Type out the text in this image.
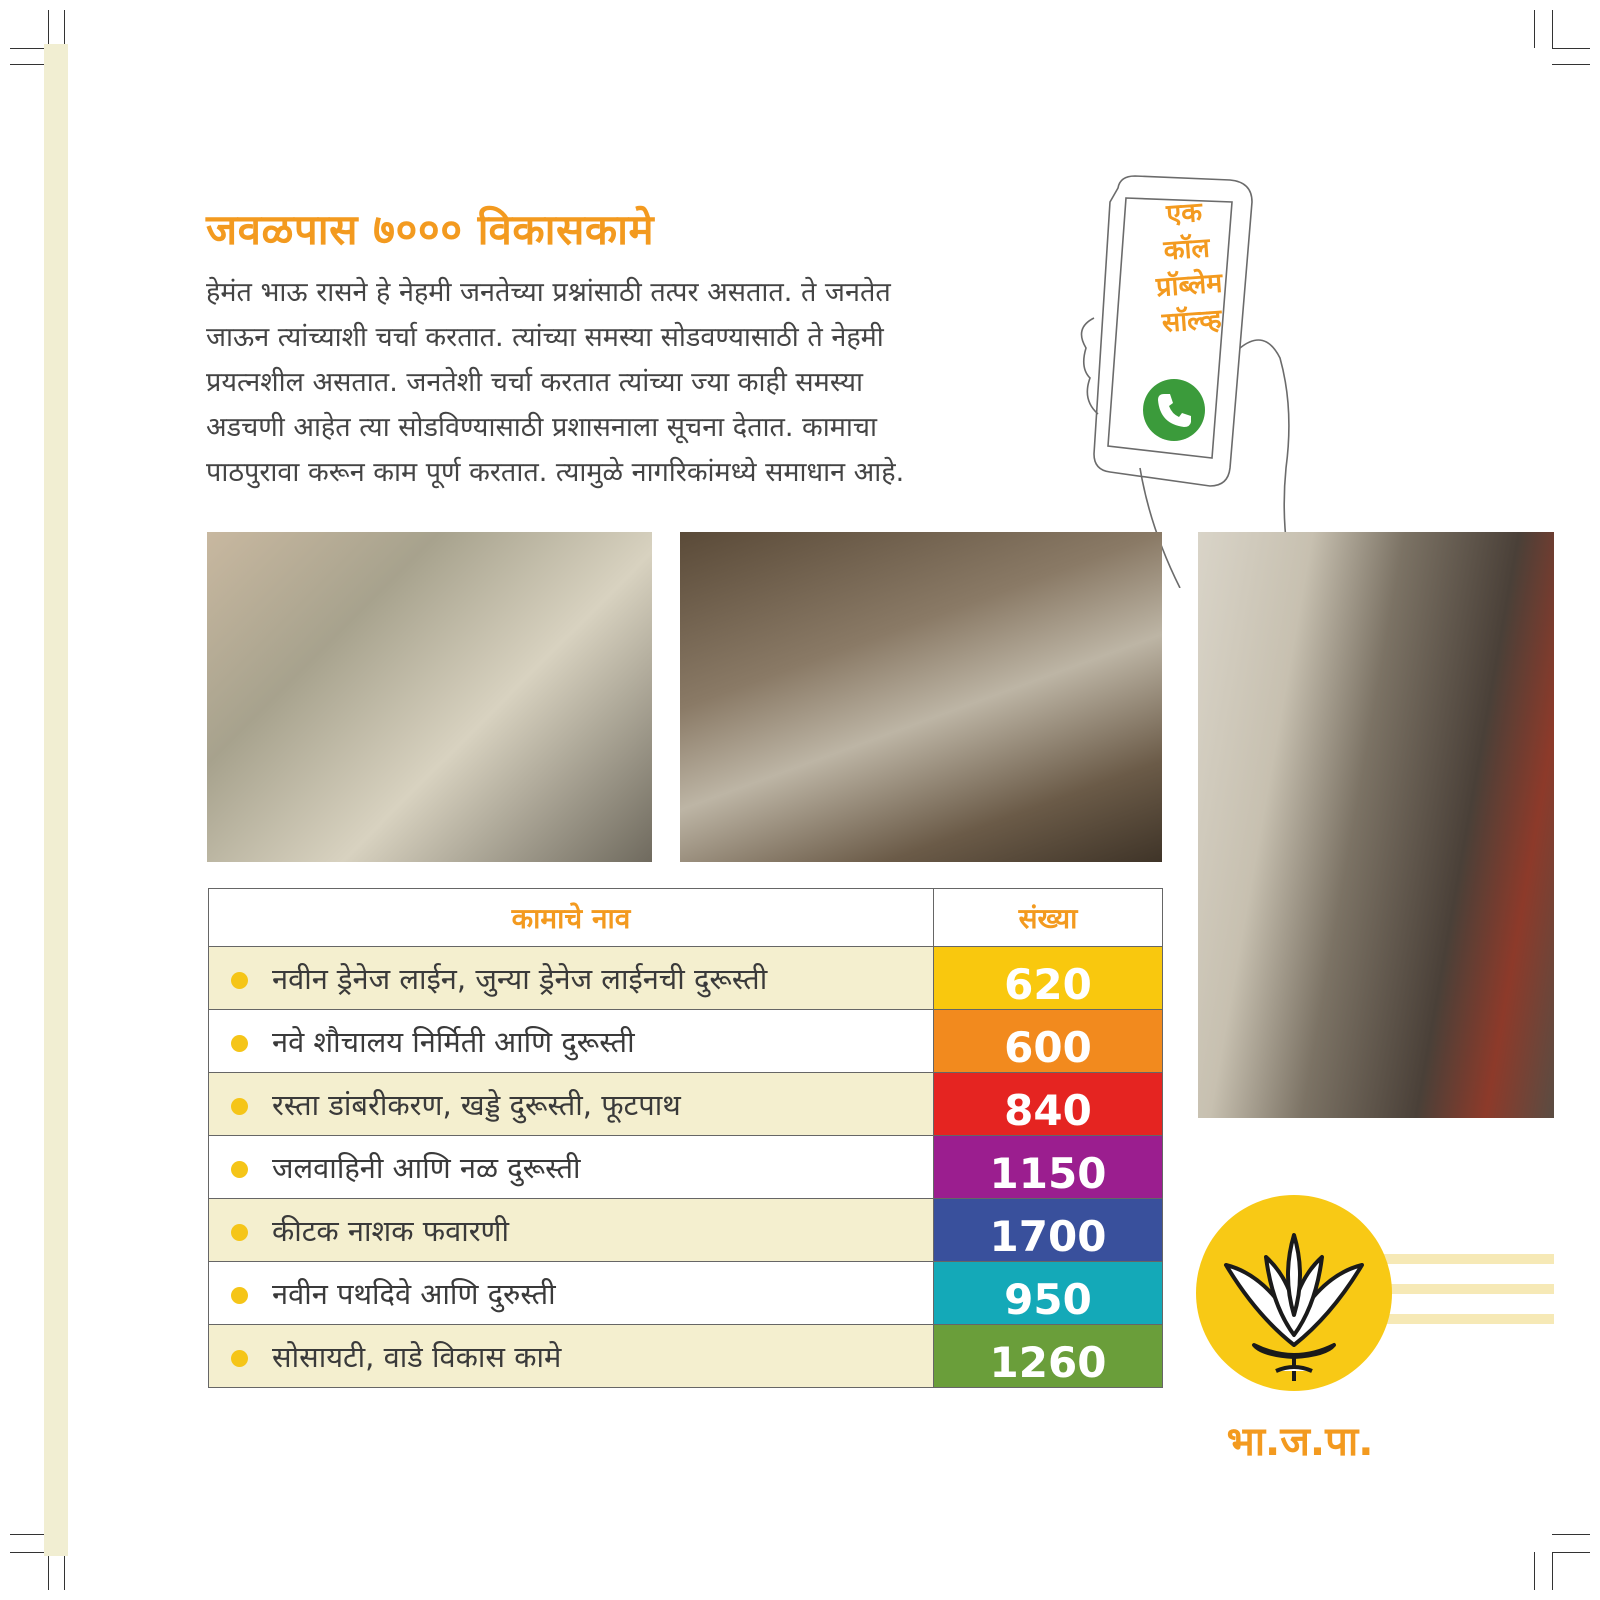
जवळपास ७००० विकासकामे
हेमंत भाऊ रासने हे नेहमी जनतेच्या प्रश्नांसाठी तत्पर असतात. ते जनतेत
जाऊन त्यांच्याशी चर्चा करतात. त्यांच्या समस्या सोडवण्यासाठी ते नेहमी
प्रयत्नशील असतात. जनतेशी चर्चा करतात त्यांच्या ज्या काही समस्या
अडचणी आहेत त्या सोडविण्यासाठी प्रशासनाला सूचना देतात. कामाचा
पाठपुरावा करून काम पूर्ण करतात. त्यामुळे नागरिकांमध्ये समाधान आहे.
एक
कॉल
प्रॉब्लेम
सॉल्व्ह
कामाचे नाव	संख्या
नवीन ड्रेनेज लाईन, जुन्या ड्रेनेज लाईनची दुरूस्ती	620
नवे शौचालय निर्मिती आणि दुरूस्ती	600
रस्ता डांबरीकरण, खड्डे दुरूस्ती, फूटपाथ	840
जलवाहिनी आणि नळ दुरूस्ती	1150
कीटक नाशक फवारणी	1700
नवीन पथदिवे आणि दुरुस्ती	950
सोसायटी, वाडे विकास कामे	1260
भा.ज.पा.
